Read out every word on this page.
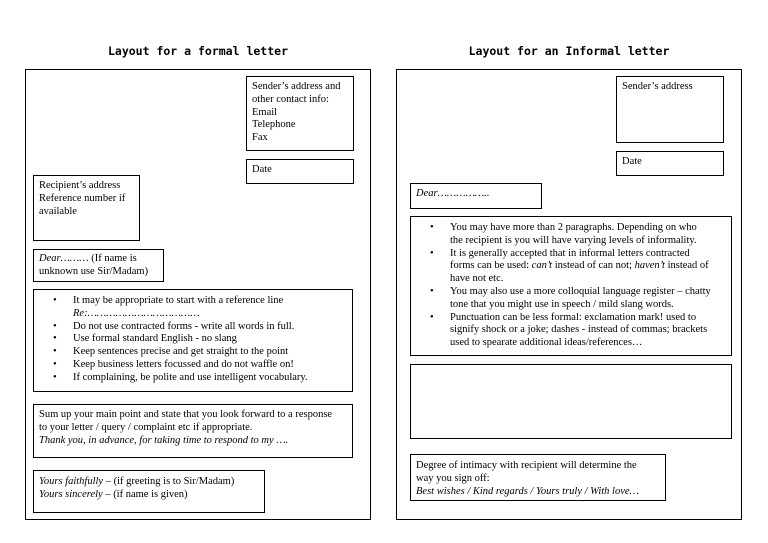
Layout for a formal letter
Sender’s address and
other contact info:
Email
Telephone
Fax
Date
Recipient’s address
Reference number if
available
Dear……… (If name is
unknown use Sir/Madam)
• It may be appropriate to start with a reference line
Re:………………………………
• Do not use contracted forms - write all words in full.
• Use formal standard English - no slang
• Keep sentences precise and get straight to the point
• Keep business letters focussed and do not waffle on!
• If complaining, be polite and use intelligent vocabulary.
Sum up your main point and state that you look forward to a response
to your letter / query / complaint etc if appropriate.
Thank you, in advance, for taking time to respond to my ….
Yours faithfully – (if greeting is to Sir/Madam)
Yours sincerely – (if name is given)
Layout for an Informal letter
Sender’s address
Date
Dear……………..
• You may have more than 2 paragraphs. Depending on who
the recipient is you will have varying levels of informality.
• It is generally accepted that in informal letters contracted
forms can be used: can’t instead of can not; haven’t instead of
have not etc.
• You may also use a more colloquial language register – chatty
tone that you might use in speech / mild slang words.
• Punctuation can be less formal: exclamation mark! used to
signify shock or a joke; dashes - instead of commas; brackets
used to spearate additional ideas/references…
Degree of intimacy with recipient will determine the
way you sign off:
Best wishes / Kind regards / Yours truly / With love…
